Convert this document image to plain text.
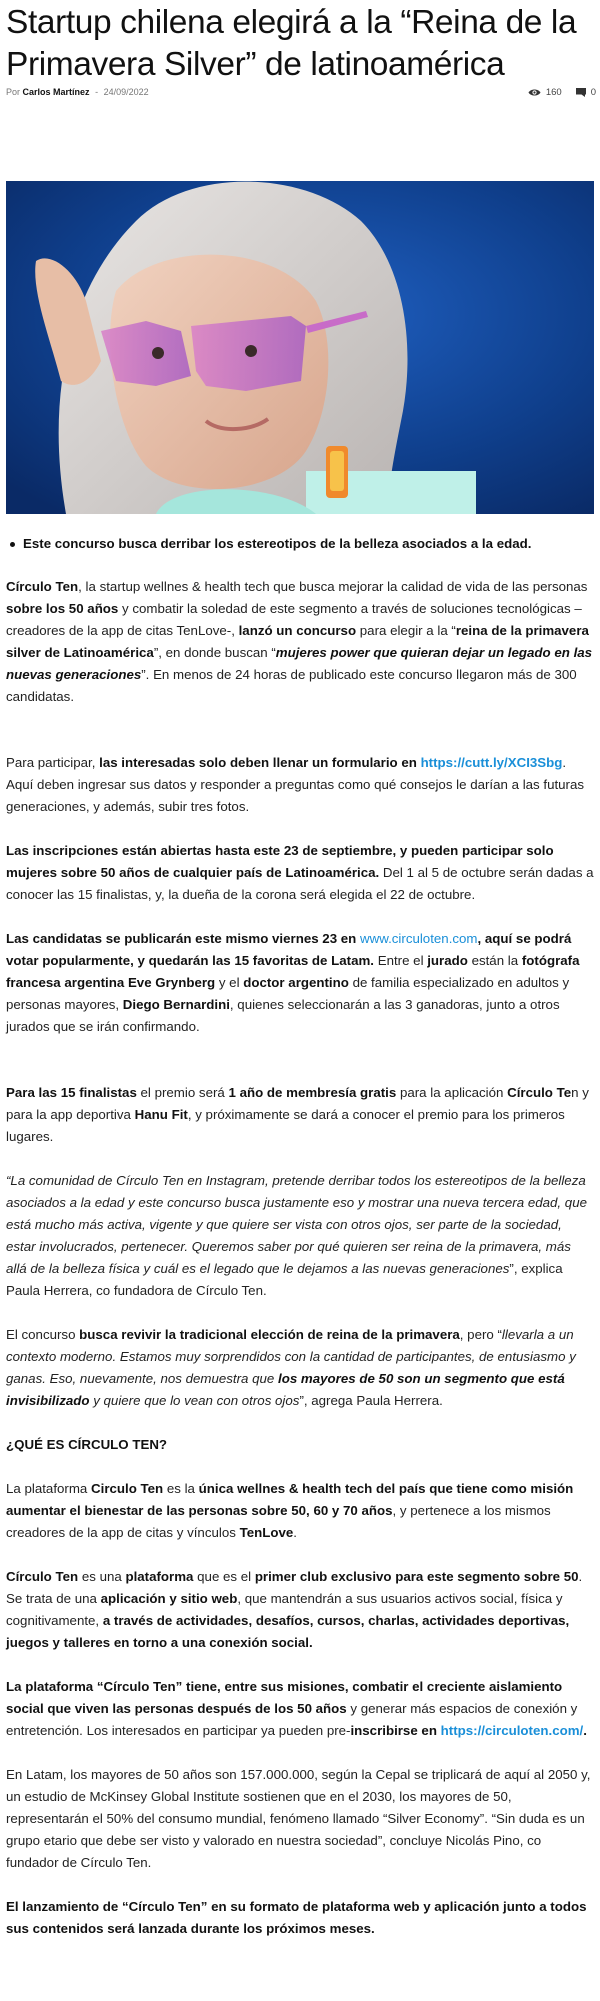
Startup chilena elegirá a la “Reina de la Primavera Silver” de latinoamérica
Por Carlos Martínez - 24/09/2022	160	0
Este concurso busca derribar los estereotipos de la belleza asociados a la edad.

Círculo Ten, la startup wellnes & health tech que busca mejorar la calidad de vida de las personas sobre los 50 años y combatir la soledad de este segmento a través de soluciones tecnológicas – creadores de la app de citas TenLove-, lanzó un concurso para elegir a la “reina de la primavera silver de Latinoamérica”, en donde buscan “mujeres power que quieran dejar un legado en las nuevas generaciones”. En menos de 24 horas de publicado este concurso llegaron más de 300 candidatas.

Para participar, las interesadas solo deben llenar un formulario en https://cutt.ly/XCI3Sbg. Aquí deben ingresar sus datos y responder a preguntas como qué consejos le darían a las futuras generaciones, y además, subir tres fotos.

Las inscripciones están abiertas hasta este 23 de septiembre, y pueden participar solo mujeres sobre 50 años de cualquier país de Latinoamérica. Del 1 al 5 de octubre serán dadas a conocer las 15 finalistas, y, la dueña de la corona será elegida el 22 de octubre.

Las candidatas se publicarán este mismo viernes 23 en www.circuloten.com, aquí se podrá votar popularmente, y quedarán las 15 favoritas de Latam. Entre el jurado están la fotógrafa francesa argentina Eve Grynberg y el doctor argentino de familia especializado en adultos y personas mayores, Diego Bernardini, quienes seleccionarán a las 3 ganadoras, junto a otros jurados que se irán confirmando.

Para las 15 finalistas el premio será 1 año de membresía gratis para la aplicación Círculo Ten y para la app deportiva Hanu Fit, y próximamente se dará a conocer el premio para los primeros lugares.

“La comunidad de Círculo Ten en Instagram, pretende derribar todos los estereotipos de la belleza asociados a la edad y este concurso busca justamente eso y mostrar una nueva tercera edad, que está mucho más activa, vigente y que quiere ser vista con otros ojos, ser parte de la sociedad, estar involucrados, pertenecer. Queremos saber por qué quieren ser reina de la primavera, más allá de la belleza física y cuál es el legado que le dejamos a las nuevas generaciones”, explica Paula Herrera, co fundadora de Círculo Ten.

El concurso busca revivir la tradicional elección de reina de la primavera, pero “llevarla a un contexto moderno. Estamos muy sorprendidos con la cantidad de participantes, de entusiasmo y ganas. Eso, nuevamente, nos demuestra que los mayores de 50 son un segmento que está invisibilizado y quiere que lo vean con otros ojos”, agrega Paula Herrera.

¿QUÉ ES CÍRCULO TEN?

La plataforma Circulo Ten es la única wellnes & health tech del país que tiene como misión aumentar el bienestar de las personas sobre 50, 60 y 70 años, y pertenece a los mismos creadores de la app de citas y vínculos TenLove.

Círculo Ten es una plataforma que es el primer club exclusivo para este segmento sobre 50. Se trata de una aplicación y sitio web, que mantendrán a sus usuarios activos social, física y cognitivamente, a través de actividades, desafíos, cursos, charlas, actividades deportivas, juegos y talleres en torno a una conexión social.

La plataforma “Círculo Ten” tiene, entre sus misiones, combatir el creciente aislamiento social que viven las personas después de los 50 años y generar más espacios de conexión y entretención. Los interesados en participar ya pueden pre-inscribirse en https://circuloten.com/.

En Latam, los mayores de 50 años son 157.000.000, según la Cepal se triplicará de aquí al 2050 y, un estudio de McKinsey Global Institute sostienen que en el 2030, los mayores de 50, representarán el 50% del consumo mundial, fenómeno llamado “Silver Economy”. “Sin duda es un grupo etario que debe ser visto y valorado en nuestra sociedad”, concluye Nicolás Pino, co fundador de Círculo Ten.

El lanzamiento de “Círculo Ten” en su formato de plataforma web y aplicación junto a todos sus contenidos será lanzada durante los próximos meses.
